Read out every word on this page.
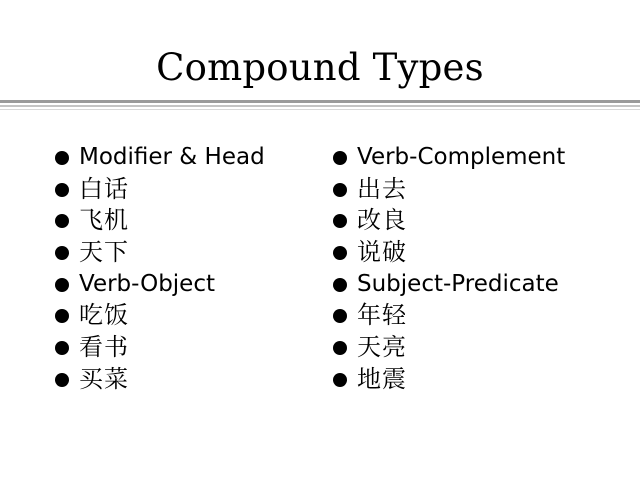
Compound Types
Modifier & Head
白话
飞机
天下
Verb-Object
吃饭
看书
买菜
Verb-Complement
出去
改良
说破
Subject-Predicate
年轻
天亮
地震
